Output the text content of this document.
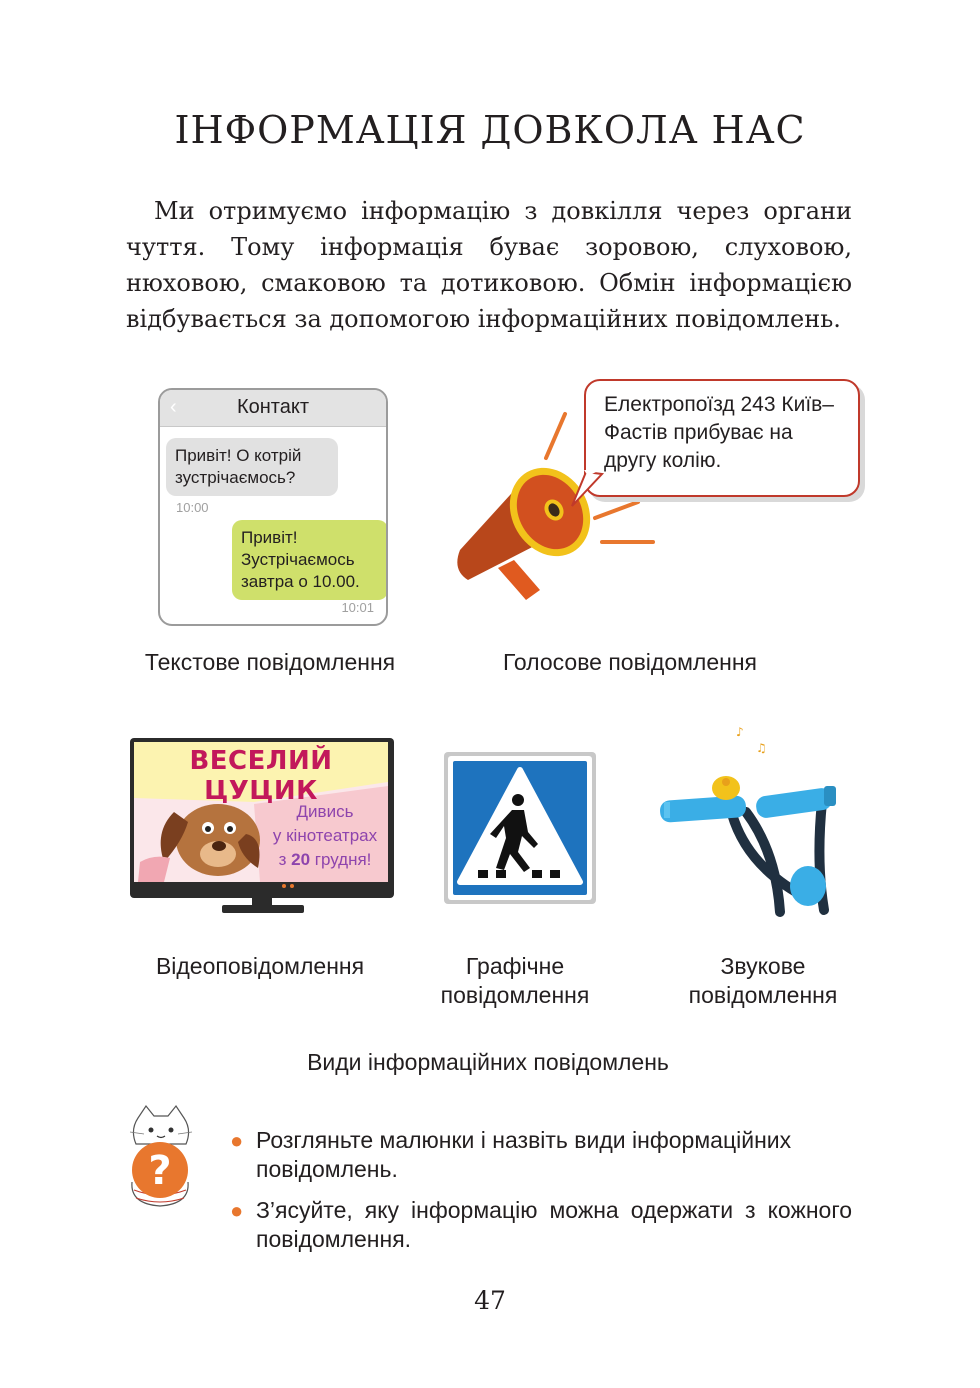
ІНФОРМАЦІЯ ДОВКОЛА НАС

Ми отримуємо інформацію з довкілля через органи чуття. Тому інформація буває зоровою, слуховою, нюховою, смаковою та дотиковою. Обмін інформацією відбувається за допомогою інформаційних повідомлень.

‹	Контакт
Привіт! О котрій зустрічаємось?
10:00
Привіт! Зустрічаємось завтра о 10.00.
10:01
Електропоїзд 243 Київ–Фастів прибуває на другу колію.
Текстове повідомлення	Голосове повідомлення
ВЕСЕЛИЙ ЦУЦИК
Дивись
у кінотеатрах
з 20 грудня!
♪
♫
Відеоповідомлення	Графічне
повідомлення
Звукове
повідомлення
Види інформаційних повідомлень
?
● Розгляньте малюнки і назвіть види інформаційних повідомлень.
● З’ясуйте, яку інформацію можна одержати з кожного повідомлення.
47
